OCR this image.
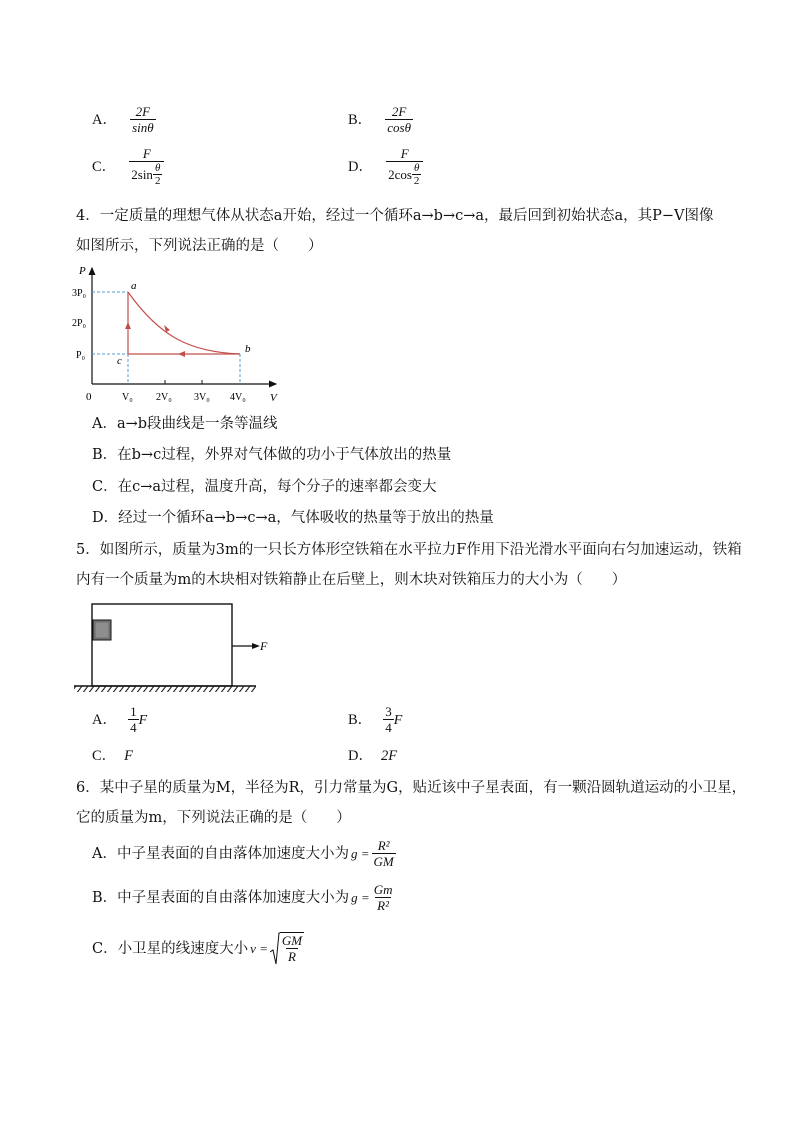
A． $\frac{2F}{\sin\theta}$	B． $\frac{2F}{\cos\theta}$
C． $\frac{F}{2\sin \frac{\theta}{2}}$	D． $\frac{F}{2\cos \frac{\theta}{2}}$
4．一定质量的理想气体从状态a开始，经过一个循环a→b→c→a，最后回到初始状态a，其P−V图像
如图所示，下列说法正确的是（　　）
P
V
0
a
b
c
3P₀
2P₀
P₀
V₀ 2V₀ 3V₀ 4V₀
A．a→b段曲线是一条等温线
B．在b→c过程，外界对气体做的功小于气体放出的热量
C．在c→a过程，温度升高，每个分子的速率都会变大
D．经过一个循环a→b→c→a，气体吸收的热量等于放出的热量
5．如图所示，质量为3m的一只长方体形空铁箱在水平拉力F作用下沿光滑水平面向右匀加速运动，铁箱
内有一个质量为m的木块相对铁箱静止在后壁上，则木块对铁箱压力的大小为（　　）
F
A． $\frac{1}{4}$ F	B． $\frac{3}{4}$ F
C． F	D． 2F
6．某中子星的质量为M，半径为R，引力常量为G，贴近该中子星表面，有一颗沿圆轨道运动的小卫星，
它的质量为m，下列说法正确的是（　　）
A．中子星表面的自由落体加速度大小为 $g = \frac{\text{R²}}{GM}$
B．中子星表面的自由落体加速度大小为 $g = \frac{Gm}{\text{R²}}$
C．小卫星的线速度大小 $v = \frac{GM}{R}$
